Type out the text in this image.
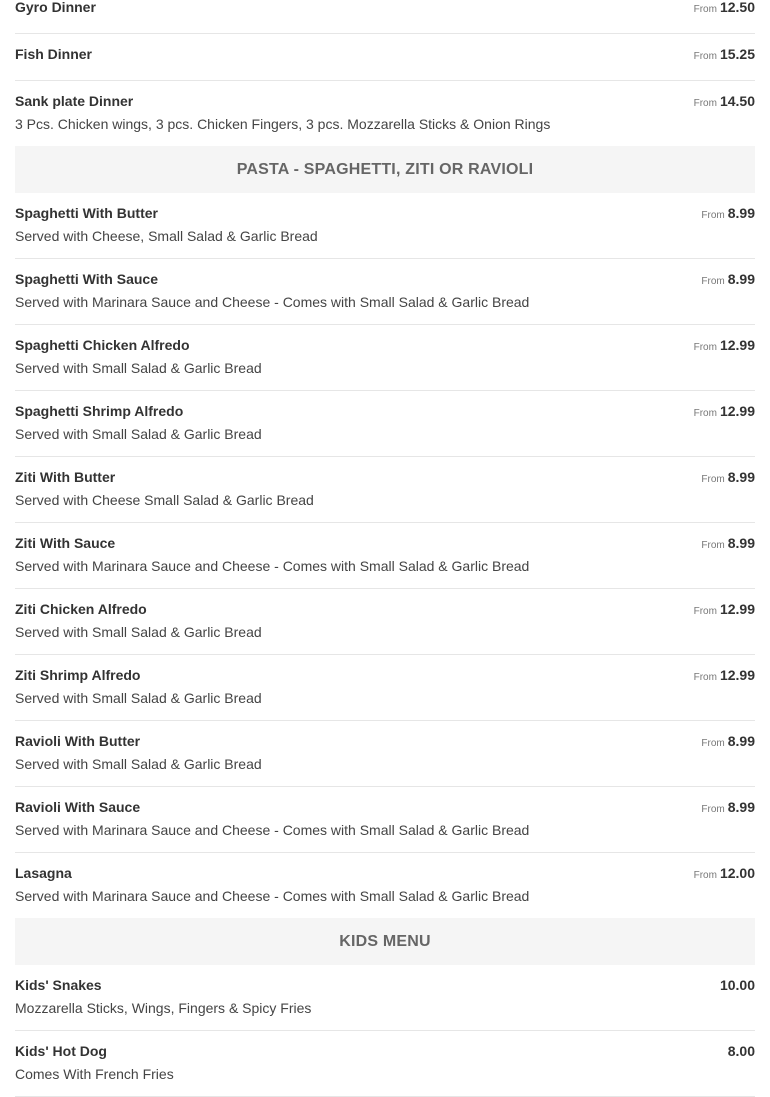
Gyro Dinner	From 12.50
Fish Dinner	From 15.25
Sank plate Dinner
3 Pcs. Chicken wings, 3 pcs. Chicken Fingers, 3 pcs. Mozzarella Sticks & Onion Rings
From 14.50
PASTA - SPAGHETTI, ZITI OR RAVIOLI
Spaghetti With Butter
Served with Cheese, Small Salad & Garlic Bread
From 8.99
Spaghetti With Sauce
Served with Marinara Sauce and Cheese - Comes with Small Salad & Garlic Bread
From 8.99
Spaghetti Chicken Alfredo
Served with Small Salad & Garlic Bread
From 12.99
Spaghetti Shrimp Alfredo
Served with Small Salad & Garlic Bread
From 12.99
Ziti With Butter
Served with Cheese Small Salad & Garlic Bread
From 8.99
Ziti With Sauce
Served with Marinara Sauce and Cheese - Comes with Small Salad & Garlic Bread
From 8.99
Ziti Chicken Alfredo
Served with Small Salad & Garlic Bread
From 12.99
Ziti Shrimp Alfredo
Served with Small Salad & Garlic Bread
From 12.99
Ravioli With Butter
Served with Small Salad & Garlic Bread
From 8.99
Ravioli With Sauce
Served with Marinara Sauce and Cheese - Comes with Small Salad & Garlic Bread
From 8.99
Lasagna
Served with Marinara Sauce and Cheese - Comes with Small Salad & Garlic Bread
From 12.00
KIDS MENU
Kids' Snakes
Mozzarella Sticks, Wings, Fingers & Spicy Fries
10.00
Kids' Hot Dog
Comes With French Fries
8.00
